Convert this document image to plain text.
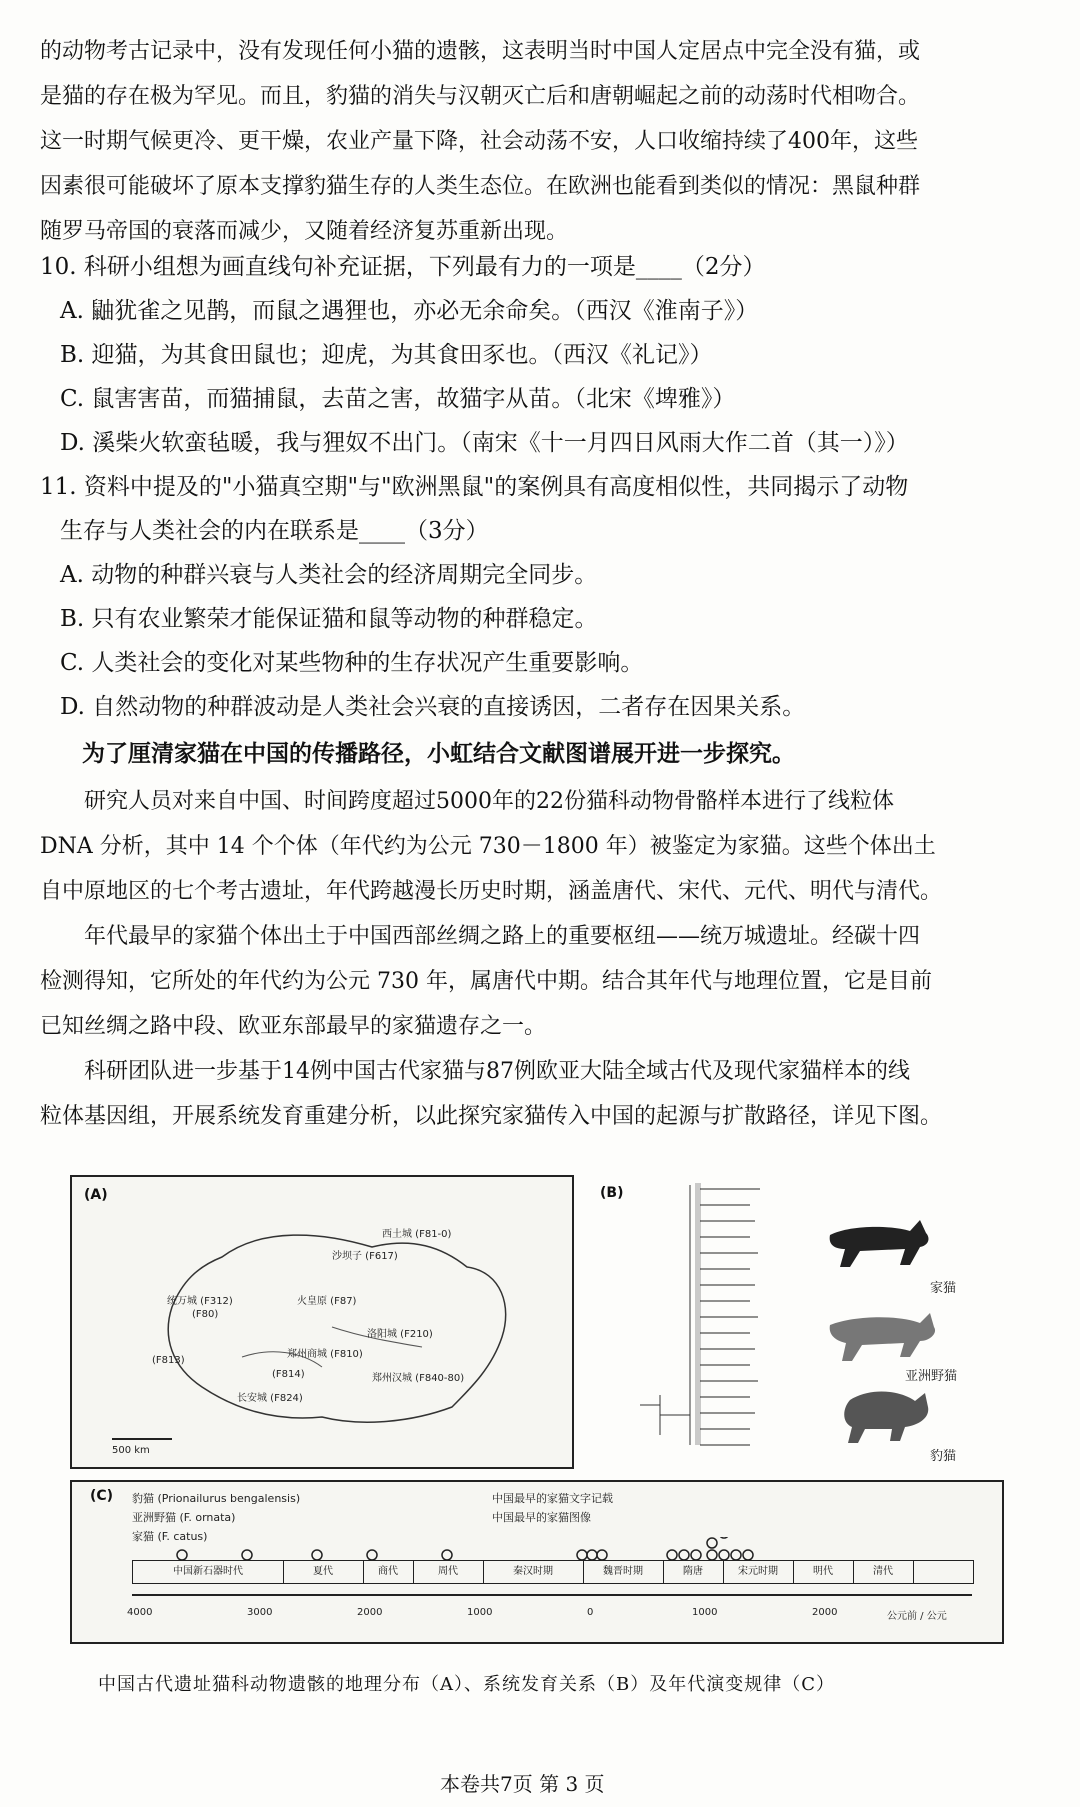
的动物考古记录中，没有发现任何小猫的遗骸，这表明当时中国人定居点中完全没有猫，或
是猫的存在极为罕见。而且，豹猫的消失与汉朝灭亡后和唐朝崛起之前的动荡时代相吻合。
这一时期气候更冷、更干燥，农业产量下降，社会动荡不安，人口收缩持续了400年，这些
因素很可能破坏了原本支撑豹猫生存的人类生态位。在欧洲也能看到类似的情况：黑鼠种群
随罗马帝国的衰落而减少，又随着经济复苏重新出现。
10. 科研小组想为画直线句补充证据，下列最有力的一项是____（2分）
A. 鼬犹雀之见鹊，而鼠之遇狸也，亦必无余命矣。（西汉《淮南子》）
B. 迎猫，为其食田鼠也；迎虎，为其食田豕也。（西汉《礼记》）
C. 鼠害害苗，而猫捕鼠，去苗之害，故猫字从苗。（北宋《埤雅》）
D. 溪柴火软蛮毡暖，我与狸奴不出门。（南宋《十一月四日风雨大作二首（其一）》）
11. 资料中提及的"小猫真空期"与"欧洲黑鼠"的案例具有高度相似性，共同揭示了动物
生存与人类社会的内在联系是____（3分）
A. 动物的种群兴衰与人类社会的经济周期完全同步。
B. 只有农业繁荣才能保证猫和鼠等动物的种群稳定。
C. 人类社会的变化对某些物种的生存状况产生重要影响。
D. 自然动物的种群波动是人类社会兴衰的直接诱因，二者存在因果关系。
为了厘清家猫在中国的传播路径，小虹结合文献图谱展开进一步探究。
研究人员对来自中国、时间跨度超过5000年的22份猫科动物骨骼样本进行了线粒体
DNA 分析，其中 14 个个体（年代约为公元 730－1800 年）被鉴定为家猫。这些个体出土
自中原地区的七个考古遗址，年代跨越漫长历史时期，涵盖唐代、宋代、元代、明代与清代。
年代最早的家猫个体出土于中国西部丝绸之路上的重要枢纽——统万城遗址。经碳十四
检测得知，它所处的年代约为公元 730 年，属唐代中期。结合其年代与地理位置，它是目前
已知丝绸之路中段、欧亚东部最早的家猫遗存之一。
科研团队进一步基于14例中国古代家猫与87例欧亚大陆全域古代及现代家猫样本的线
粒体基因组，开展系统发育重建分析，以此探究家猫传入中国的起源与扩散路径，详见下图。
(A)
西土城 (F81-0)
沙坝子 (F617)
统万城 (F312)
(F80)
火皇原 (F87)
洛阳城 (F210)
(F813)
(F814)
长安城 (F824)
郑州商城 (F810)
郑州汉城 (F840-80)
500 km
(B)
家猫
亚洲野猫
豹猫
(C) 豹猫 (Prionailurus bengalensis)
亚洲野猫 (F. ornata)
家猫 (F. catus)
中国最早的家猫文字记载
中国最早的家猫图像
中国新石器时代	夏代	商代	周代	秦汉时期	魏晋时期	隋唐	宋元时期	明代	清代
4000	3000	2000	1000	0	1000	2000	公元前 / 公元
中国古代遗址猫科动物遗骸的地理分布（A）、系统发育关系（B）及年代演变规律（C）
本卷共7页 第 3 页
